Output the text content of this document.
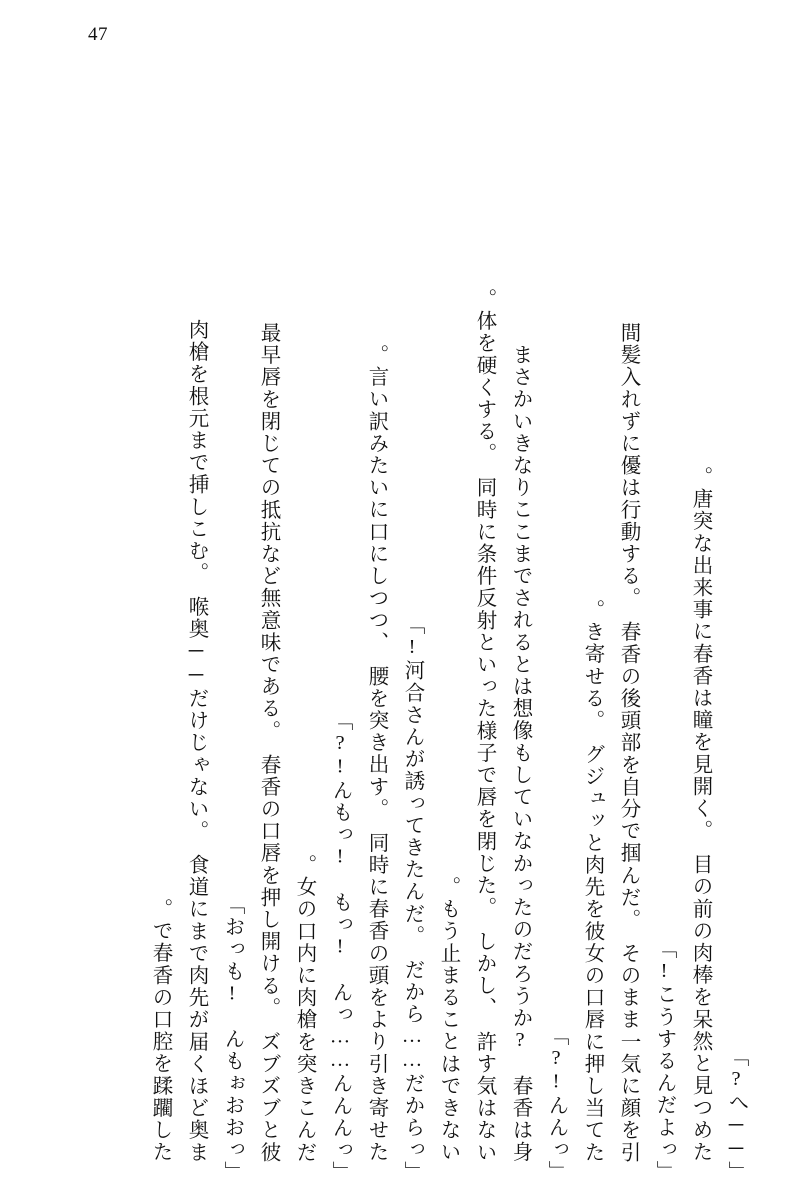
47
「──へ?」
唐突な出来事に春香は瞳を見開く。　目の前の肉棒を呆然と見つめた。
「こうするんだよっ!」
間髪入れずに優は行動する。　春香の後頭部を自分で掴んだ。　そのまま一気に顔を引
き寄せる。　グジュッと肉先を彼女の口唇に押し当てた。
「んんっ!?」
まさかいきなりここまでされるとは想像もしていなかったのだろうか?　春香は身
体を硬くする。　同時に条件反射といった様子で唇を閉じた。　しかし、　許す気はない。
もう止まることはできない。
「河合さんが誘ってきたんだ。　だから……だからっ!」
言い訳みたいに口にしつつ、　腰を突き出す。　同時に春香の頭をより引き寄せた。
「んもっ!　もっ!　んっ……んんんっ!?」
女の口内に肉槍を突きこんだ。
最早唇を閉じての抵抗など無意味である。　春香の口唇を押し開ける。　ズブズブと彼
「おっも!　んもぉおおっ」
肉槍を根元まで挿しこむ。　喉奥──だけじゃない。　食道にまで肉先が届くほど奥ま
で春香の口腔を蹂躙した。
